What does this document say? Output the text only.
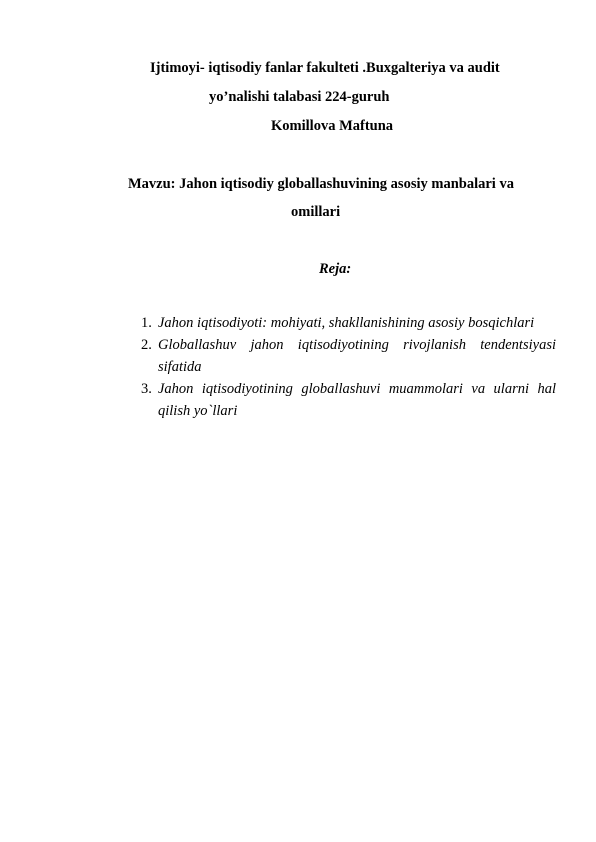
Ijtimoyi- iqtisodiy fanlar fakulteti .Buxgalteriya va audit
yo’nalishi talabasi 224-guruh
Komillova Maftuna
Mavzu: Jahon iqtisodiy globallashuvining asosiy manbalari va
omillari
Reja:
1. Jahon iqtisodiyoti: mohiyati, shakllanishining asosiy bosqichlari
2. Globallashuv jahon iqtisodiyotining rivojlanish tendentsiyasi sifatida
3. Jahon iqtisodiyotining globallashuvi muammolari va ularni hal qilish yo`llari
